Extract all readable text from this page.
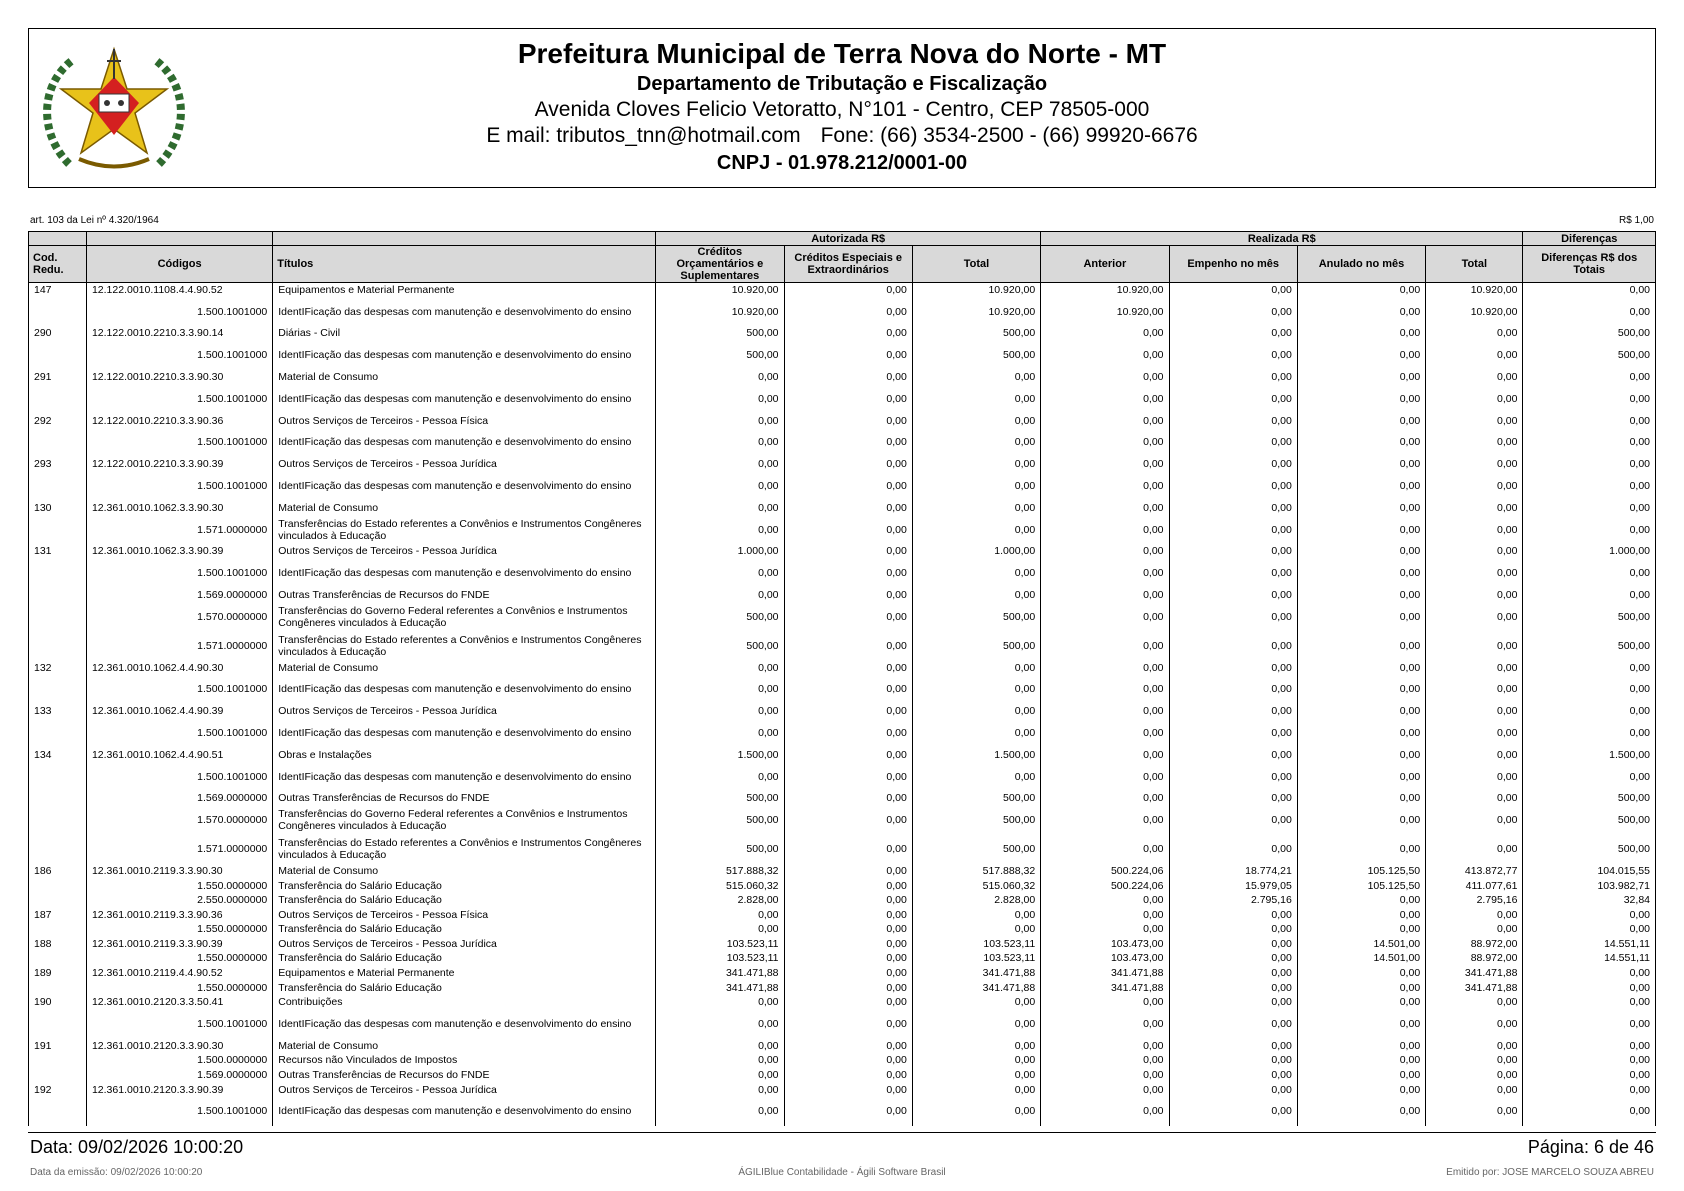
Prefeitura Municipal de Terra Nova do Norte - MT
Departamento de Tributação e Fiscalização
Avenida Cloves Felicio Vetoratto, N°101 - Centro, CEP 78505-000
E mail: tributos_tnn@hotmail.com Fone: (66) 3534-2500 - (66) 99920-6676
CNPJ - 01.978.212/0001-00
art. 103 da Lei nº 4.320/1964	R$ 1,00
			Autorizada R$			Realizada R$				Diferenças
Cod. Redu.	Códigos	Títulos	Créditos Orçamentários e Suplementares	Créditos Especiais e Extraordinários	Total	Anterior	Empenho no mês	Anulado no mês	Total	Diferenças R$ dos Totais
147	12.122.0010.1108.4.4.90.52	Equipamentos e Material Permanente	10.920,00	0,00	10.920,00	10.920,00	0,00	0,00	10.920,00	0,00
	1.500.1001000	IdentIFicação das despesas com manutenção e desenvolvimento do ensino	10.920,00	0,00	10.920,00	10.920,00	0,00	0,00	10.920,00	0,00
290	12.122.0010.2210.3.3.90.14	Diárias - Civil	500,00	0,00	500,00	0,00	0,00	0,00	0,00	500,00
	1.500.1001000	IdentIFicação das despesas com manutenção e desenvolvimento do ensino	500,00	0,00	500,00	0,00	0,00	0,00	0,00	500,00
291	12.122.0010.2210.3.3.90.30	Material de Consumo	0,00	0,00	0,00	0,00	0,00	0,00	0,00	0,00
	1.500.1001000	IdentIFicação das despesas com manutenção e desenvolvimento do ensino	0,00	0,00	0,00	0,00	0,00	0,00	0,00	0,00
292	12.122.0010.2210.3.3.90.36	Outros Serviços de Terceiros - Pessoa Física	0,00	0,00	0,00	0,00	0,00	0,00	0,00	0,00
	1.500.1001000	IdentIFicação das despesas com manutenção e desenvolvimento do ensino	0,00	0,00	0,00	0,00	0,00	0,00	0,00	0,00
293	12.122.0010.2210.3.3.90.39	Outros Serviços de Terceiros - Pessoa Jurídica	0,00	0,00	0,00	0,00	0,00	0,00	0,00	0,00
	1.500.1001000	IdentIFicação das despesas com manutenção e desenvolvimento do ensino	0,00	0,00	0,00	0,00	0,00	0,00	0,00	0,00
130	12.361.0010.1062.3.3.90.30	Material de Consumo	0,00	0,00	0,00	0,00	0,00	0,00	0,00	0,00
	1.571.0000000	Transferências do Estado referentes a Convênios e Instrumentos Congêneres vinculados à Educação	0,00	0,00	0,00	0,00	0,00	0,00	0,00	0,00
131	12.361.0010.1062.3.3.90.39	Outros Serviços de Terceiros - Pessoa Jurídica	1.000,00	0,00	1.000,00	0,00	0,00	0,00	0,00	1.000,00
	1.500.1001000	IdentIFicação das despesas com manutenção e desenvolvimento do ensino	0,00	0,00	0,00	0,00	0,00	0,00	0,00	0,00
	1.569.0000000	Outras Transferências de Recursos do FNDE	0,00	0,00	0,00	0,00	0,00	0,00	0,00	0,00
	1.570.0000000	Transferências do Governo Federal referentes a Convênios e Instrumentos Congêneres vinculados à Educação	500,00	0,00	500,00	0,00	0,00	0,00	0,00	500,00
	1.571.0000000	Transferências do Estado referentes a Convênios e Instrumentos Congêneres vinculados à Educação	500,00	0,00	500,00	0,00	0,00	0,00	0,00	500,00
132	12.361.0010.1062.4.4.90.30	Material de Consumo	0,00	0,00	0,00	0,00	0,00	0,00	0,00	0,00
	1.500.1001000	IdentIFicação das despesas com manutenção e desenvolvimento do ensino	0,00	0,00	0,00	0,00	0,00	0,00	0,00	0,00
133	12.361.0010.1062.4.4.90.39	Outros Serviços de Terceiros - Pessoa Jurídica	0,00	0,00	0,00	0,00	0,00	0,00	0,00	0,00
	1.500.1001000	IdentIFicação das despesas com manutenção e desenvolvimento do ensino	0,00	0,00	0,00	0,00	0,00	0,00	0,00	0,00
134	12.361.0010.1062.4.4.90.51	Obras e Instalações	1.500,00	0,00	1.500,00	0,00	0,00	0,00	0,00	1.500,00
	1.500.1001000	IdentIFicação das despesas com manutenção e desenvolvimento do ensino	0,00	0,00	0,00	0,00	0,00	0,00	0,00	0,00
	1.569.0000000	Outras Transferências de Recursos do FNDE	500,00	0,00	500,00	0,00	0,00	0,00	0,00	500,00
	1.570.0000000	Transferências do Governo Federal referentes a Convênios e Instrumentos Congêneres vinculados à Educação	500,00	0,00	500,00	0,00	0,00	0,00	0,00	500,00
	1.571.0000000	Transferências do Estado referentes a Convênios e Instrumentos Congêneres vinculados à Educação	500,00	0,00	500,00	0,00	0,00	0,00	0,00	500,00
186	12.361.0010.2119.3.3.90.30	Material de Consumo	517.888,32	0,00	517.888,32	500.224,06	18.774,21	105.125,50	413.872,77	104.015,55
	1.550.0000000	Transferência do Salário Educação	515.060,32	0,00	515.060,32	500.224,06	15.979,05	105.125,50	411.077,61	103.982,71
	2.550.0000000	Transferência do Salário Educação	2.828,00	0,00	2.828,00	0,00	2.795,16	0,00	2.795,16	32,84
187	12.361.0010.2119.3.3.90.36	Outros Serviços de Terceiros - Pessoa Física	0,00	0,00	0,00	0,00	0,00	0,00	0,00	0,00
	1.550.0000000	Transferência do Salário Educação	0,00	0,00	0,00	0,00	0,00	0,00	0,00	0,00
188	12.361.0010.2119.3.3.90.39	Outros Serviços de Terceiros - Pessoa Jurídica	103.523,11	0,00	103.523,11	103.473,00	0,00	14.501,00	88.972,00	14.551,11
	1.550.0000000	Transferência do Salário Educação	103.523,11	0,00	103.523,11	103.473,00	0,00	14.501,00	88.972,00	14.551,11
189	12.361.0010.2119.4.4.90.52	Equipamentos e Material Permanente	341.471,88	0,00	341.471,88	341.471,88	0,00	0,00	341.471,88	0,00
	1.550.0000000	Transferência do Salário Educação	341.471,88	0,00	341.471,88	341.471,88	0,00	0,00	341.471,88	0,00
190	12.361.0010.2120.3.3.50.41	Contribuições	0,00	0,00	0,00	0,00	0,00	0,00	0,00	0,00
	1.500.1001000	IdentIFicação das despesas com manutenção e desenvolvimento do ensino	0,00	0,00	0,00	0,00	0,00	0,00	0,00	0,00
191	12.361.0010.2120.3.3.90.30	Material de Consumo	0,00	0,00	0,00	0,00	0,00	0,00	0,00	0,00
	1.500.0000000	Recursos não Vinculados de Impostos	0,00	0,00	0,00	0,00	0,00	0,00	0,00	0,00
	1.569.0000000	Outras Transferências de Recursos do FNDE	0,00	0,00	0,00	0,00	0,00	0,00	0,00	0,00
192	12.361.0010.2120.3.3.90.39	Outros Serviços de Terceiros - Pessoa Jurídica	0,00	0,00	0,00	0,00	0,00	0,00	0,00	0,00
	1.500.1001000	IdentIFicação das despesas com manutenção e desenvolvimento do ensino	0,00	0,00	0,00	0,00	0,00	0,00	0,00	0,00
Data: 09/02/2026 10:00:20	Página: 6 de 46
Data da emissão: 09/02/2026 10:00:20	ÁGILIBlue Contabilidade - Ágili Software Brasil	Emitido por: JOSE MARCELO SOUZA ABREU
